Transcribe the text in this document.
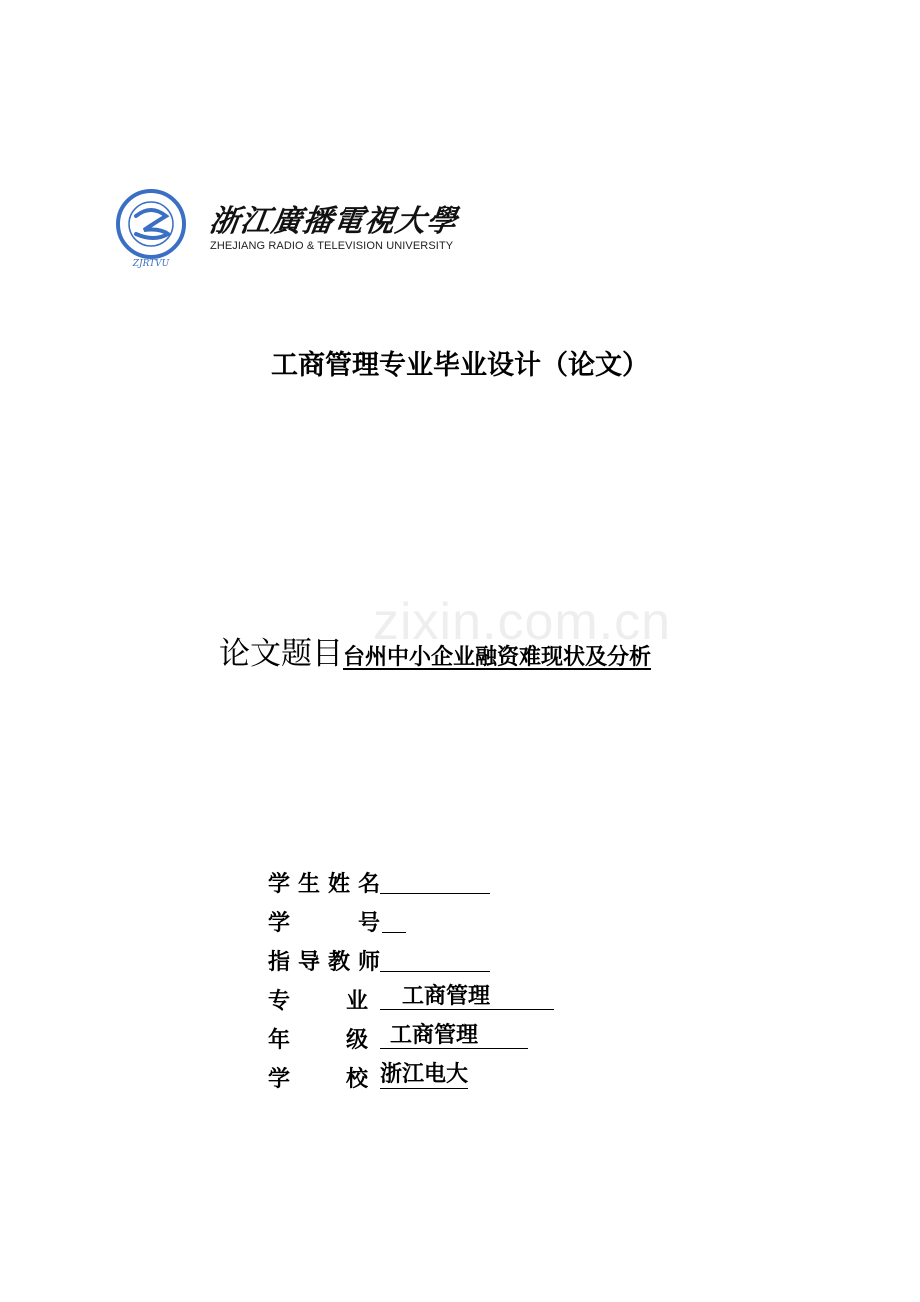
ZJRTVU
浙江廣播電視大學
ZHEJIANG RADIO & TELEVISION UNIVERSITY
工商管理专业毕业设计（论文）
zixin.com.cn
论文题目台州中小企业融资难现状及分析
学 生 姓 名
学	号
指 导 教 师
专	业	工商管理
年	级	工商管理
学	校 浙江电大
